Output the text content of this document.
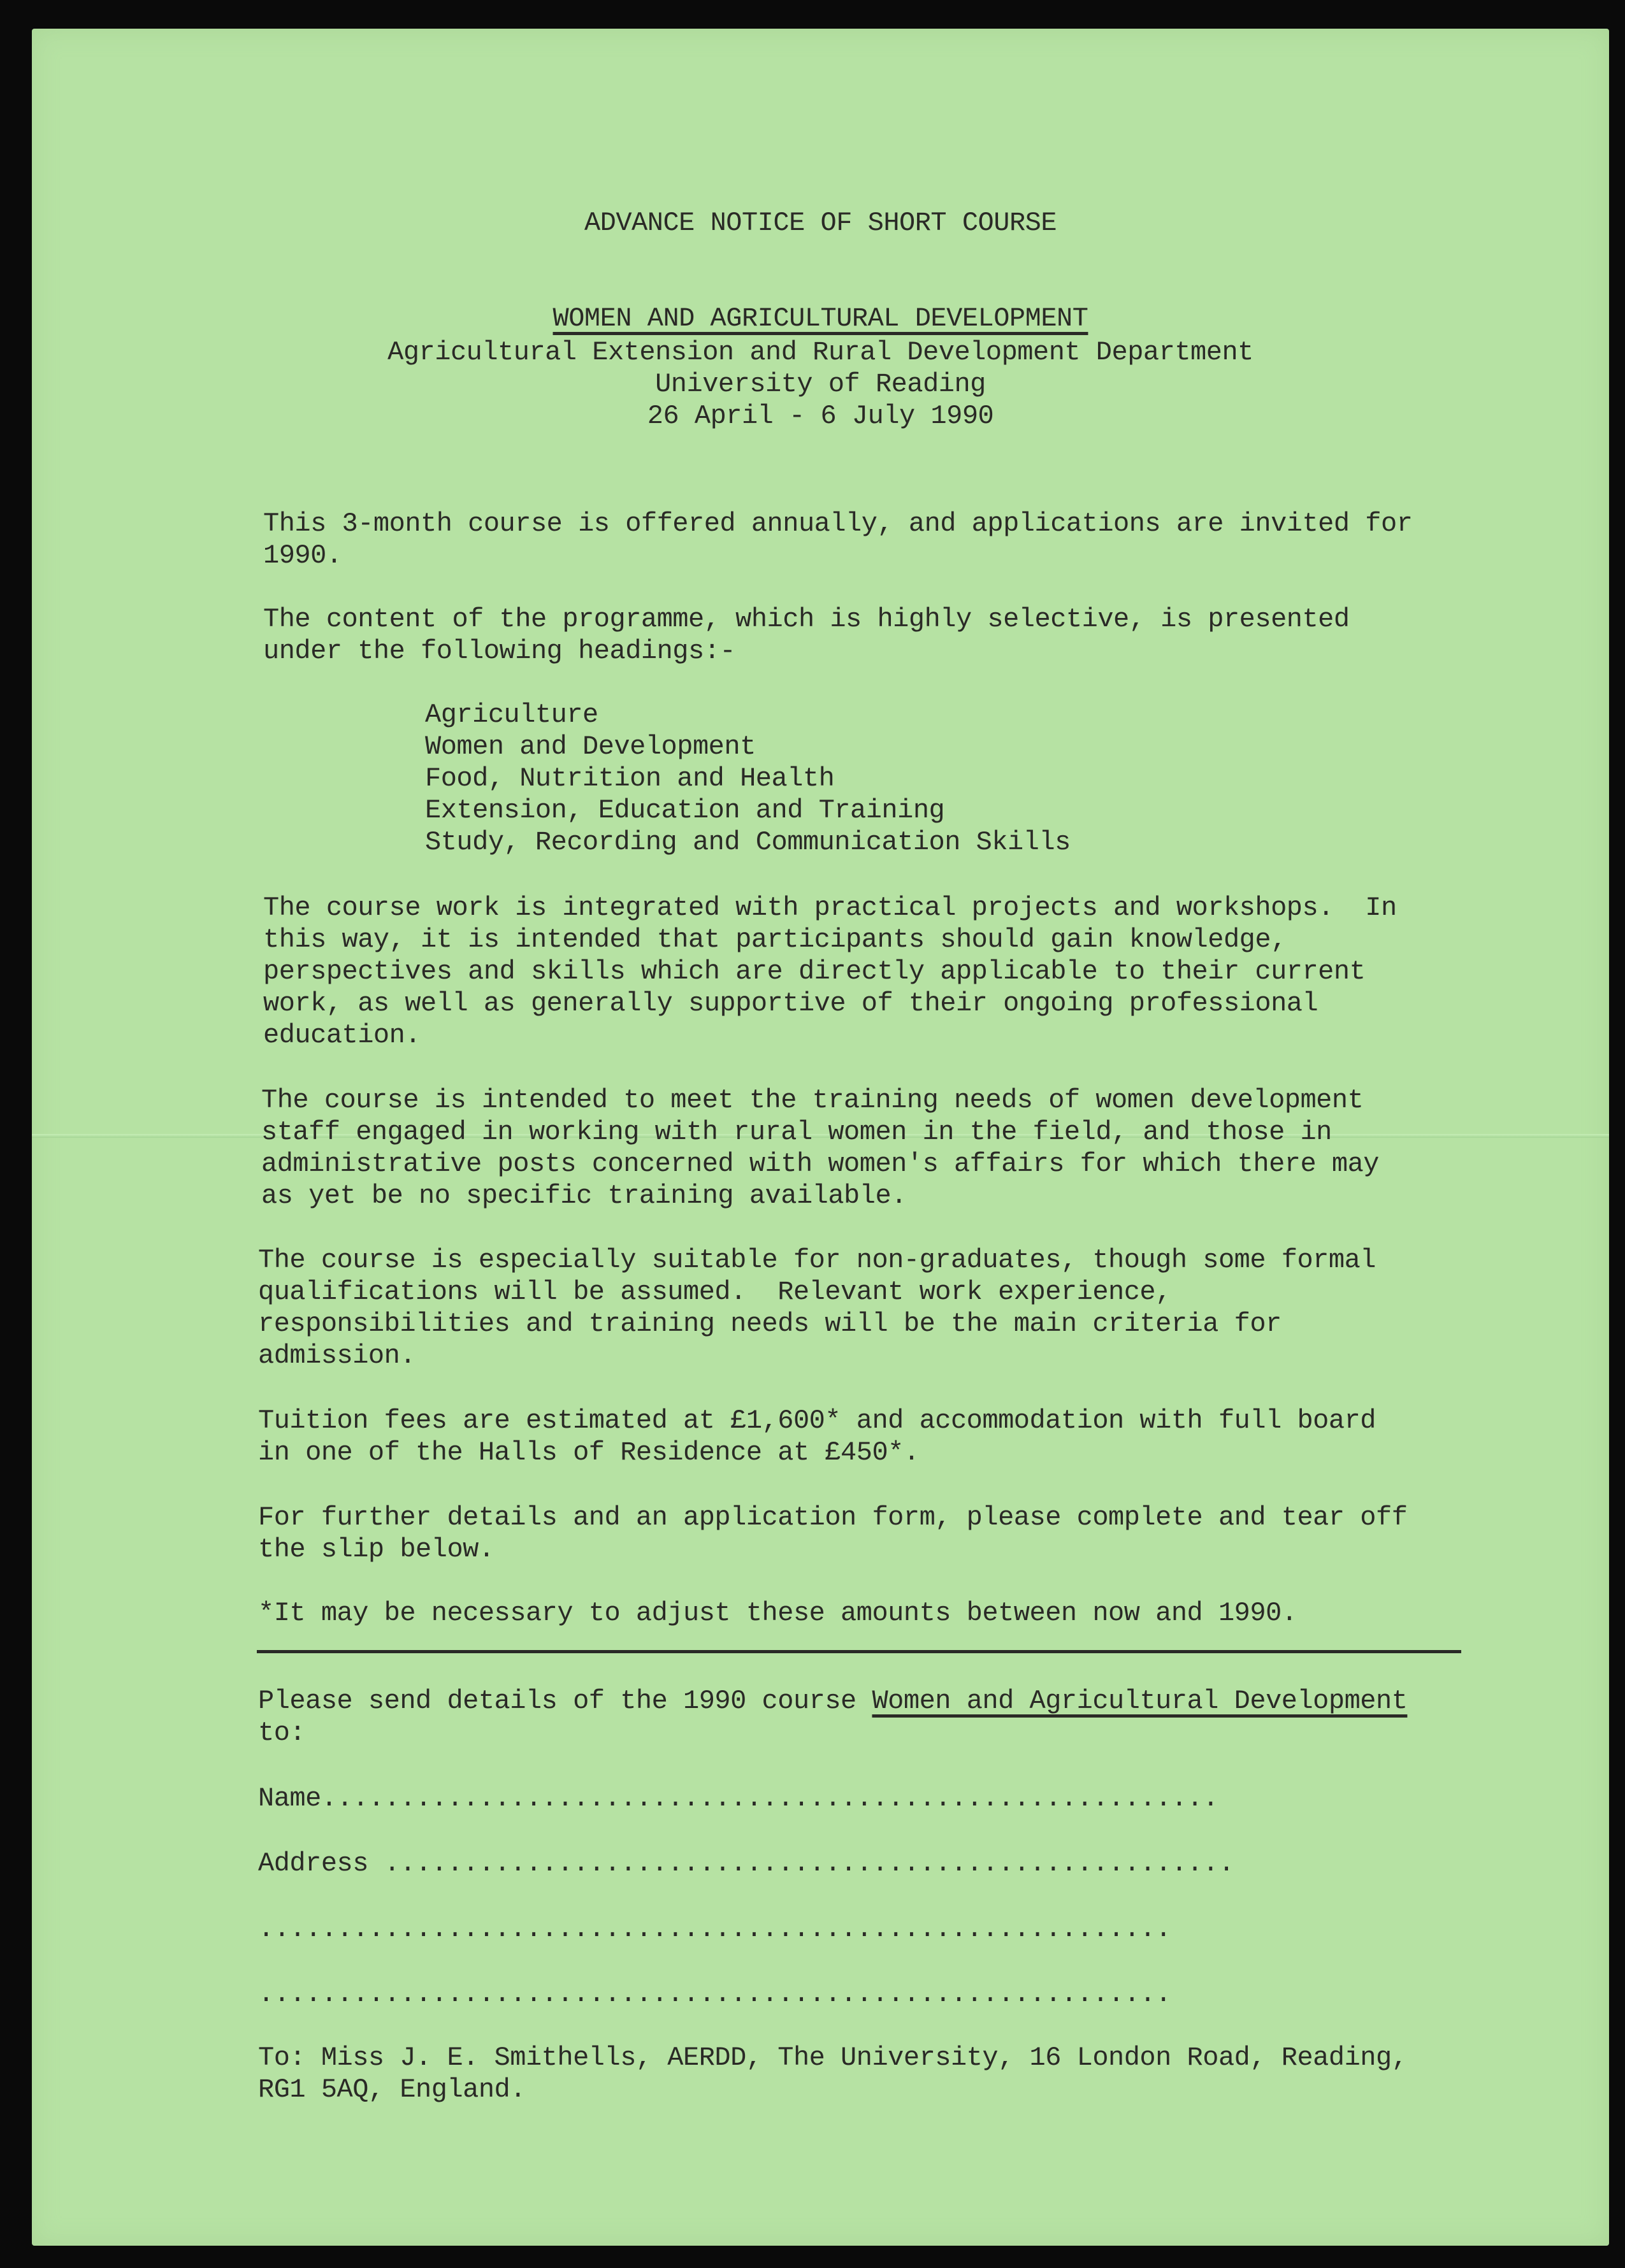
ADVANCE NOTICE OF SHORT COURSE

WOMEN AND AGRICULTURAL DEVELOPMENT

Agricultural Extension and Rural Development Department

University of Reading

26 April - 6 July 1990

This 3-month course is offered annually, and applications are invited for

1990.

The content of the programme, which is highly selective, is presented

under the following headings:-

Agriculture

Women and Development

Food, Nutrition and Health

Extension, Education and Training

Study, Recording and Communication Skills

The course work is integrated with practical projects and workshops.  In

this way, it is intended that participants should gain knowledge,

perspectives and skills which are directly applicable to their current

work, as well as generally supportive of their ongoing professional

education.

The course is intended to meet the training needs of women development

staff engaged in working with rural women in the field, and those in

administrative posts concerned with women's affairs for which there may

as yet be no specific training available.

The course is especially suitable for non-graduates, though some formal

qualifications will be assumed.  Relevant work experience,

responsibilities and training needs will be the main criteria for

admission.

Tuition fees are estimated at £1,600* and accommodation with full board

in one of the Halls of Residence at £450*.

For further details and an application form, please complete and tear off

the slip below.

*It may be necessary to adjust these amounts between now and 1990.

Please send details of the 1990 course Women and Agricultural Development

to:

Name.........................................................

Address ......................................................

..........................................................

..........................................................

To: Miss J. E. Smithells, AERDD, The University, 16 London Road, Reading,

RG1 5AQ, England.
